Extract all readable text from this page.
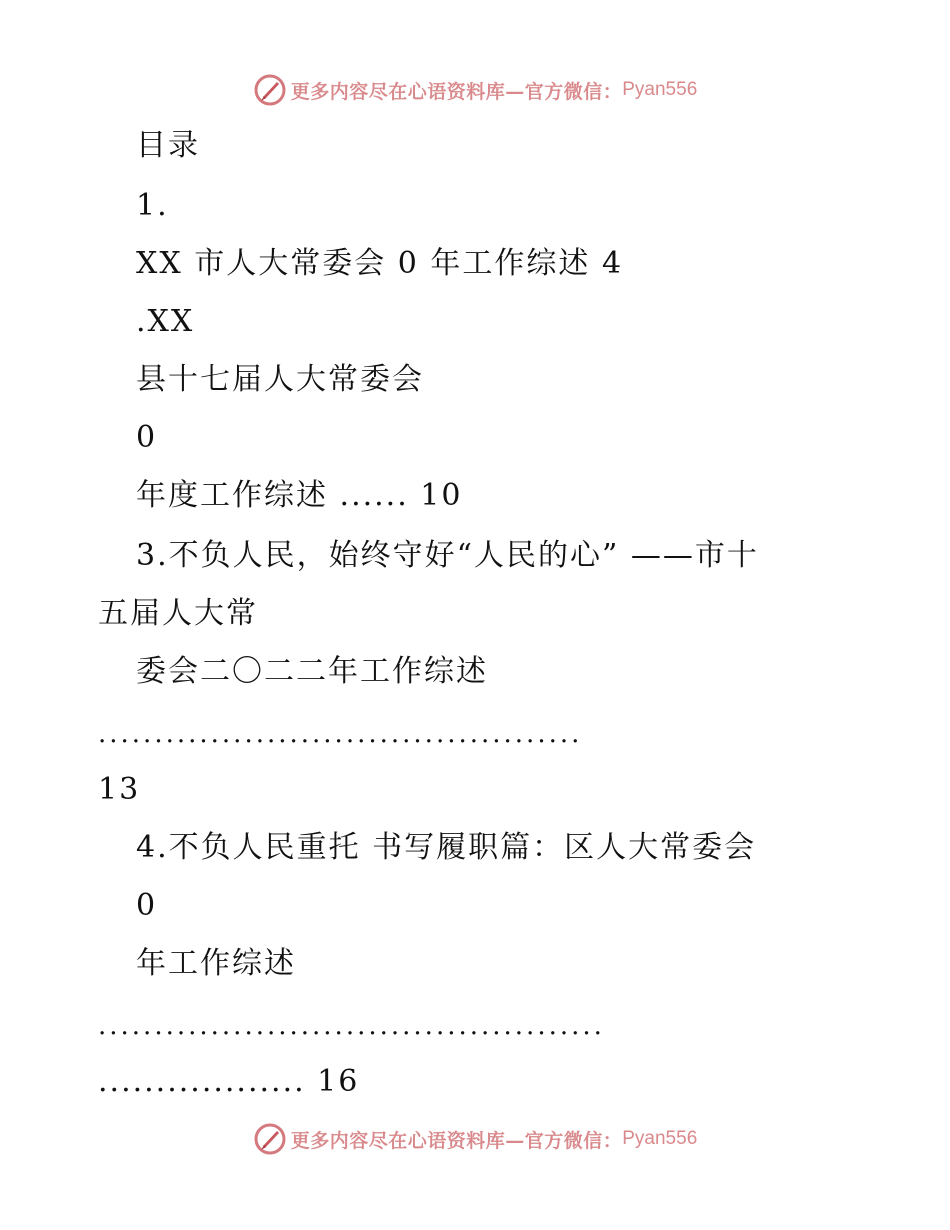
更多内容尽在心语资料库—官方微信： Pyan556
目录
1.
XX 市人大常委会 0 年工作综述 4
.XX
县十七届人大常委会
0
年度工作综述 ...... 10
3.不负人民，始终守好“人民的心” ——市十
五届人大常
委会二〇二二年工作综述
...........................................
13
4.不负人民重托 书写履职篇：区人大常委会
0
年工作综述
.............................................
.................. 16
更多内容尽在心语资料库—官方微信： Pyan556
